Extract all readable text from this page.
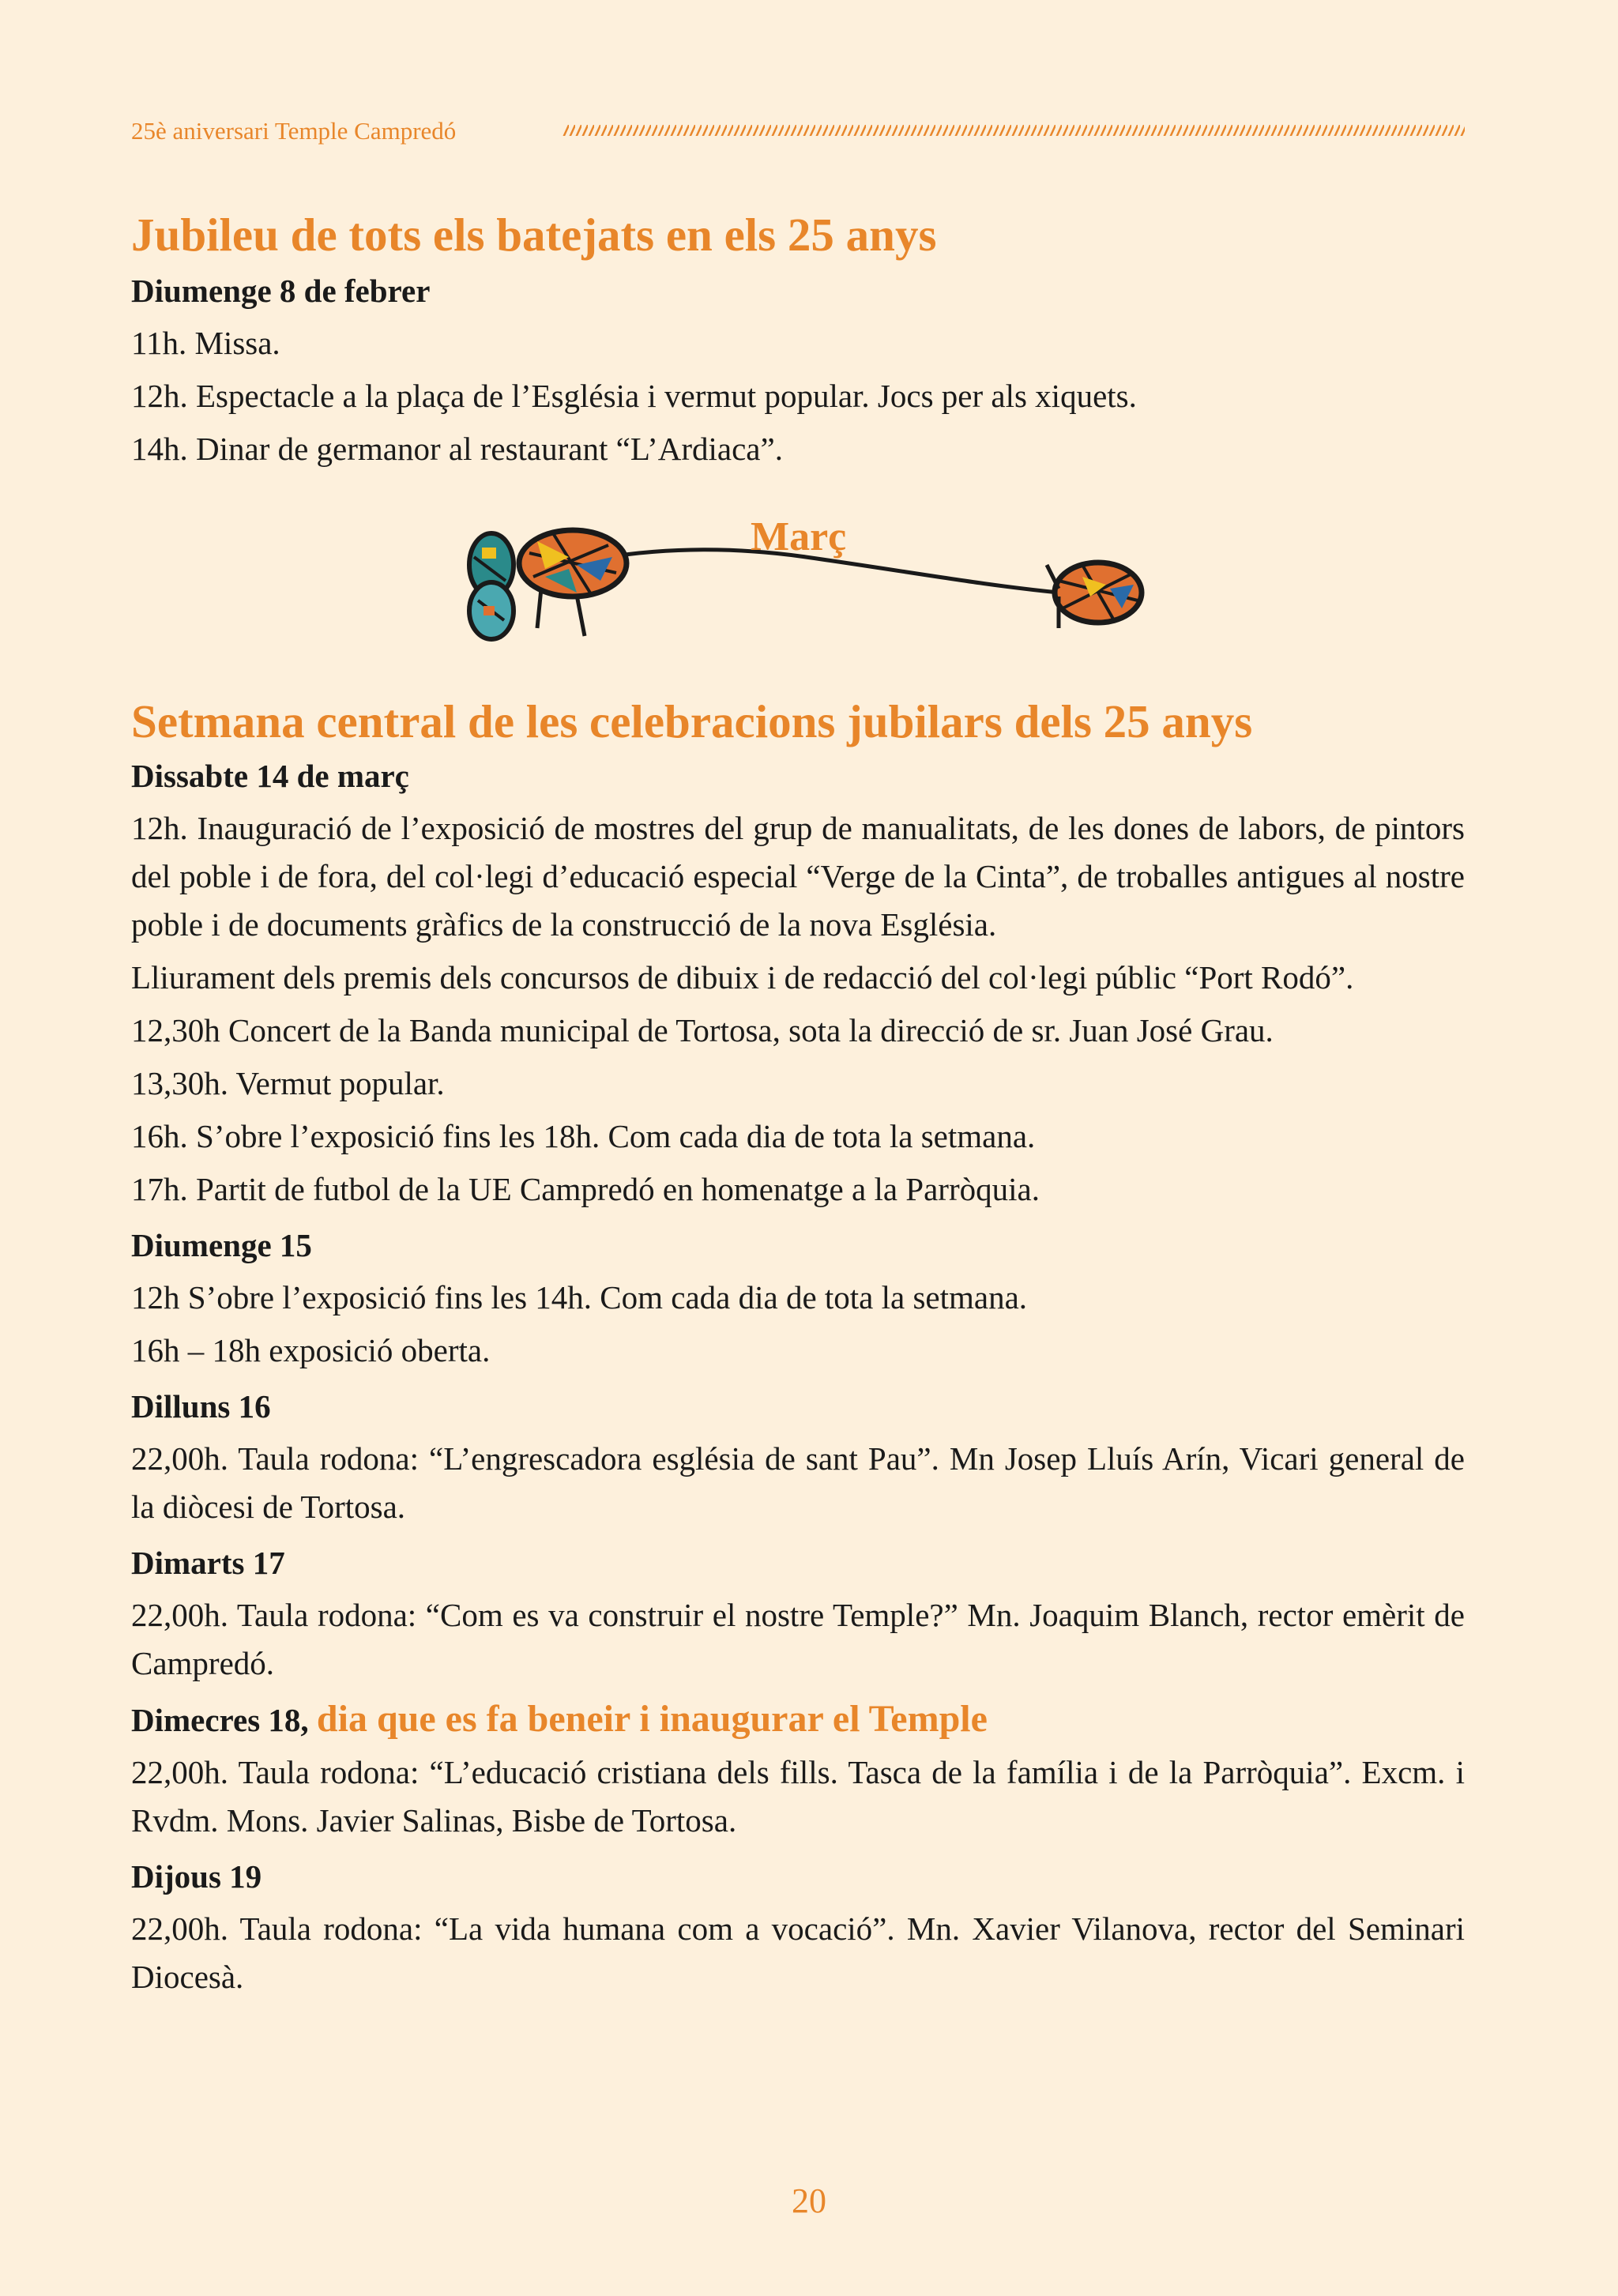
25è aniversari Temple Campredó
Jubileu de tots els batejats en els 25 anys

Diumenge 8 de febrer

11h. Missa.

12h. Espectacle a la plaça de l’Església i vermut popular. Jocs per als xiquets.

14h. Dinar de germanor al restaurant “L’Ardiaca”.

Març
Setmana central de les celebracions jubilars dels 25 anys

Dissabte 14 de març

12h. Inauguració de l’exposició de mostres del grup de manualitats, de les dones de labors, de pintors del poble i de fora, del col·legi d’educació especial “Verge de la Cinta”, de troballes antigues al nostre poble i de documents gràfics de la construcció de la nova Església.

Lliurament dels premis dels concursos de dibuix i de redacció del col·legi públic “Port Rodó”.

12,30h Concert de la Banda municipal de Tortosa, sota la direcció de sr. Juan José Grau.

13,30h. Vermut popular.

16h. S’obre l’exposició fins les 18h. Com cada dia de tota la setmana.

17h. Partit de futbol de la UE Campredó en homenatge a la Parròquia.

Diumenge 15

12h S’obre l’exposició fins les 14h. Com cada dia de tota la setmana.

16h – 18h exposició oberta.

Dilluns 16

22,00h. Taula rodona: “L’engrescadora església de sant Pau”. Mn Josep Lluís Arín, Vicari general de la diòcesi de Tortosa.

Dimarts 17

22,00h. Taula rodona: “Com es va construir el nostre Temple?” Mn. Joaquim Blanch, rector emèrit de Campredó.

Dimecres 18, dia que es fa beneir i inaugurar el Temple

22,00h. Taula rodona: “L’educació cristiana dels fills. Tasca de la família i de la Parròquia”. Excm. i Rvdm. Mons. Javier Salinas, Bisbe de Tortosa.

Dijous 19

22,00h. Taula rodona: “La vida humana com a vocació”. Mn. Xavier Vilanova, rector del Seminari Diocesà.

20
